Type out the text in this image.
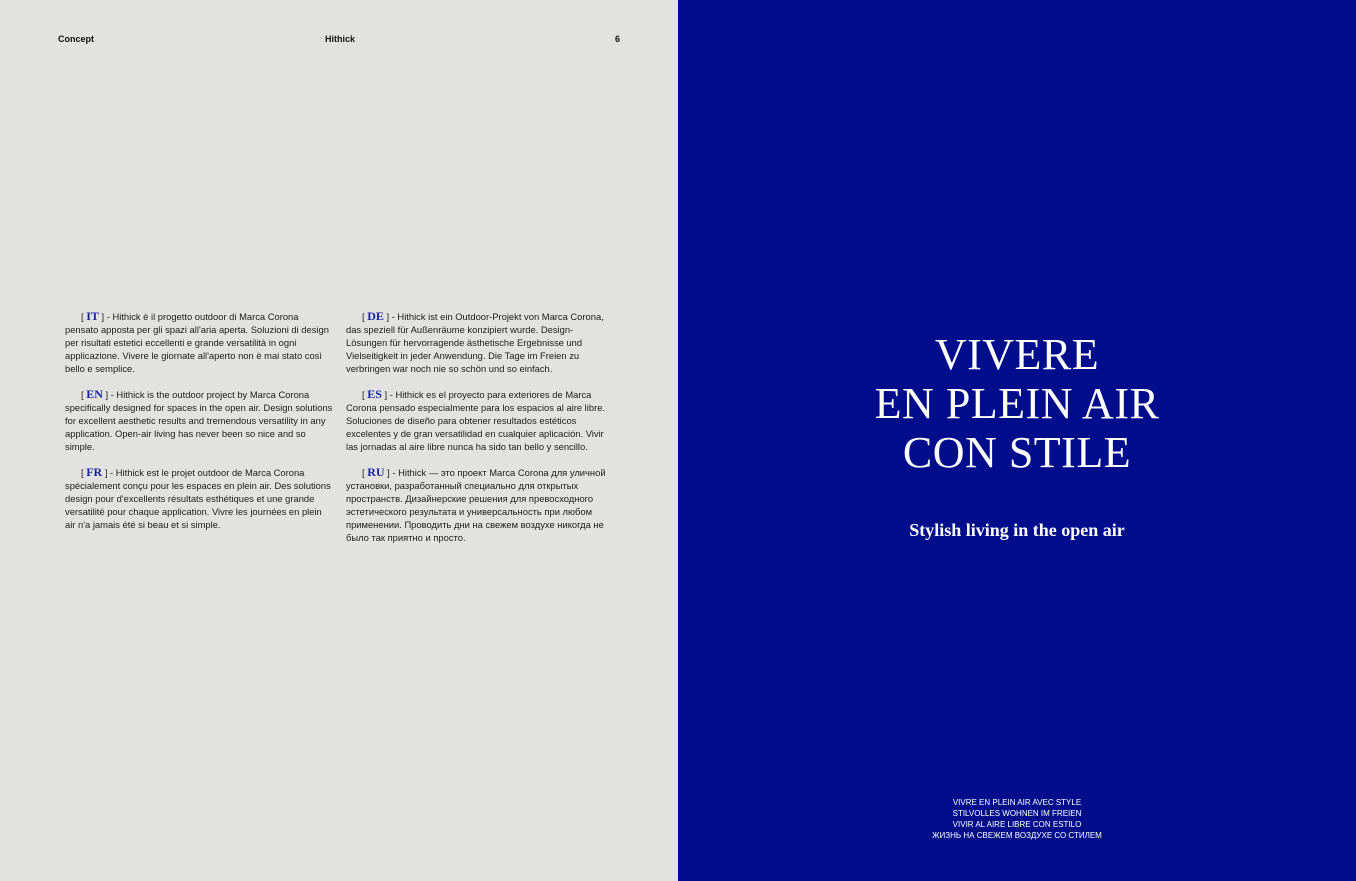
Concept	Hithick	6

[ IT ] - Hithick è il progetto outdoor di Marca Corona pensato apposta per gli spazi all'aria aperta. Soluzioni di design per risultati estetici eccellenti e grande versatilità in ogni applicazione. Vivere le giornate all'aperto non è mai stato così bello e semplice.

[ EN ] - Hithick is the outdoor project by Marca Corona specifically designed for spaces in the open air. Design solutions for excellent aesthetic results and tremendous versatility in any application. Open-air living has never been so nice and so simple.

[ FR ] - Hithick est le projet outdoor de Marca Corona spécialement conçu pour les espaces en plein air. Des solutions design pour d'excellents résultats esthétiques et une grande versatilité pour chaque application. Vivre les journées en plein air n'a jamais été si beau et si simple.

[ DE ] - Hithick ist ein Outdoor-Projekt von Marca Corona, das speziell für Außenräume konzipiert wurde. Design-Lösungen für hervorragende ästhetische Ergebnisse und Vielseitigkeit in jeder Anwendung. Die Tage im Freien zu verbringen war noch nie so schön und so einfach.

[ ES ] - Hithick es el proyecto para exteriores de Marca Corona pensado especialmente para los espacios al aire libre. Soluciones de diseño para obtener resultados estéticos excelentes y de gran versatilidad en cualquier aplicación. Vivir las jornadas al aire libre nunca ha sido tan bello y sencillo.

[ RU ] - Hithick — это проект Marca Corona для уличной установки, разработанный специально для открытых пространств. Дизайнерские решения для превосходного эстетического результата и универсальность при любом применении. Проводить дни на свежем воздухе никогда не было так приятно и просто.

VIVERE
EN PLEIN AIR
CON STILE
Stylish living in the open air
VIVRE EN PLEIN AIR AVEC STYLE
STILVOLLES WOHNEN IM FREIEN
VIVIR AL AIRE LIBRE CON ESTILO
ЖИЗНЬ НА СВЕЖЕМ ВОЗДУХЕ СО СТИЛЕМ
